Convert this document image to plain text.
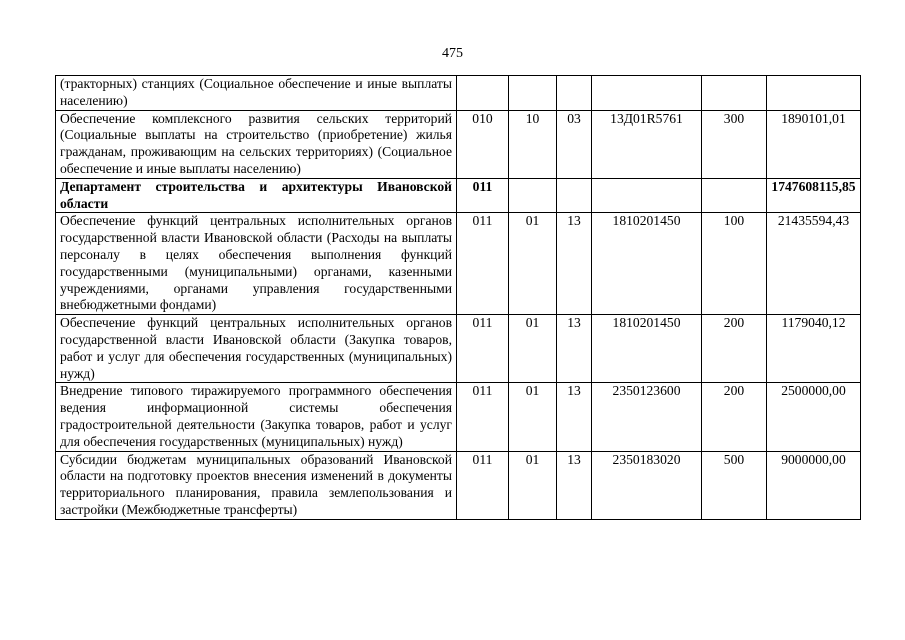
475
(тракторных) станциях (Социальное обеспечение и иные выплаты населению)						
Обеспечение комплексного развития сельских территорий (Социальные выплаты на строительство (приобретение) жилья гражданам, проживающим на сельских территориях) (Социальное обеспечение и иные выплаты населению)	010	10	03	13Д01R5761	300	1890101,01
Департамент строительства и архитектуры Ивановской области	011					1747608115,85
Обеспечение функций центральных исполнительных органов государственной власти Ивановской области (Расходы на выплаты персоналу в целях обеспечения выполнения функций государственными (муниципальными) органами, казенными учреждениями, органами управления государственными внебюджетными фондами)	011	01	13	1810201450	100	21435594,43
Обеспечение функций центральных исполнительных органов государственной власти Ивановской области (Закупка товаров, работ и услуг для обеспечения государственных (муниципальных) нужд)	011	01	13	1810201450	200	1179040,12
Внедрение типового тиражируемого программного обеспечения ведения информационной системы обеспечения градостроительной деятельности (Закупка товаров, работ и услуг для обеспечения государственных (муниципальных) нужд)	011	01	13	2350123600	200	2500000,00
Субсидии бюджетам муниципальных образований Ивановской области на подготовку проектов внесения изменений в документы территориального планирования, правила землепользования и застройки (Межбюджетные трансферты)	011	01	13	2350183020	500	9000000,00
